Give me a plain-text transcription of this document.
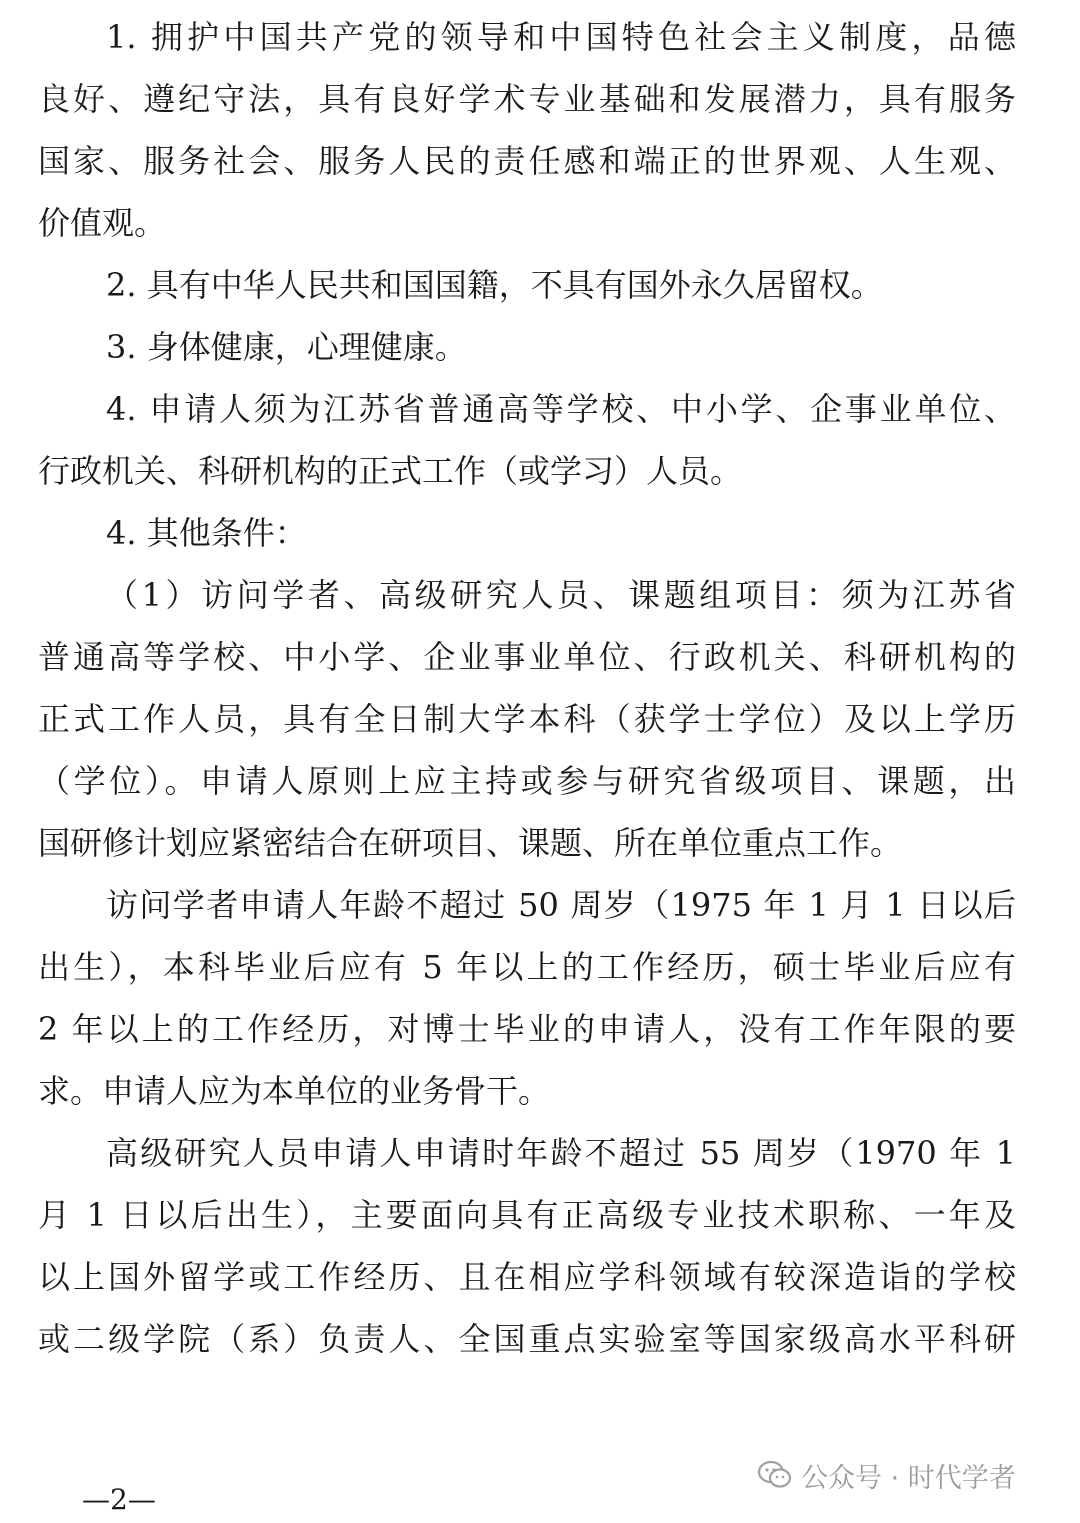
1. 拥护中国共产党的领导和中国特色社会主义制度，品德
良好、遵纪守法，具有良好学术专业基础和发展潜力，具有服务
国家、服务社会、服务人民的责任感和端正的世界观、人生观、
价值观。
2. 具有中华人民共和国国籍，不具有国外永久居留权。
3. 身体健康，心理健康。
4. 申请人须为江苏省普通高等学校、中小学、企事业单位、
行政机关、科研机构的正式工作（或学习）人员。
4. 其他条件：
（1）访问学者、高级研究人员、课题组项目：须为江苏省
普通高等学校、中小学、企业事业单位、行政机关、科研机构的
正式工作人员，具有全日制大学本科（获学士学位）及以上学历
（学位）。申请人原则上应主持或参与研究省级项目、课题，出
国研修计划应紧密结合在研项目、课题、所在单位重点工作。
访问学者申请人年龄不超过 50 周岁（1975 年 1 月 1 日以后
出生），本科毕业后应有 5 年以上的工作经历，硕士毕业后应有
2 年以上的工作经历，对博士毕业的申请人，没有工作年限的要
求。申请人应为本单位的业务骨干。
高级研究人员申请人申请时年龄不超过 55 周岁（1970 年 1
月 1 日以后出生），主要面向具有正高级专业技术职称、一年及
以上国外留学或工作经历、且在相应学科领域有较深造诣的学校
或二级学院（系）负责人、全国重点实验室等国家级高水平科研
公众号 · 时代学者
—2—
